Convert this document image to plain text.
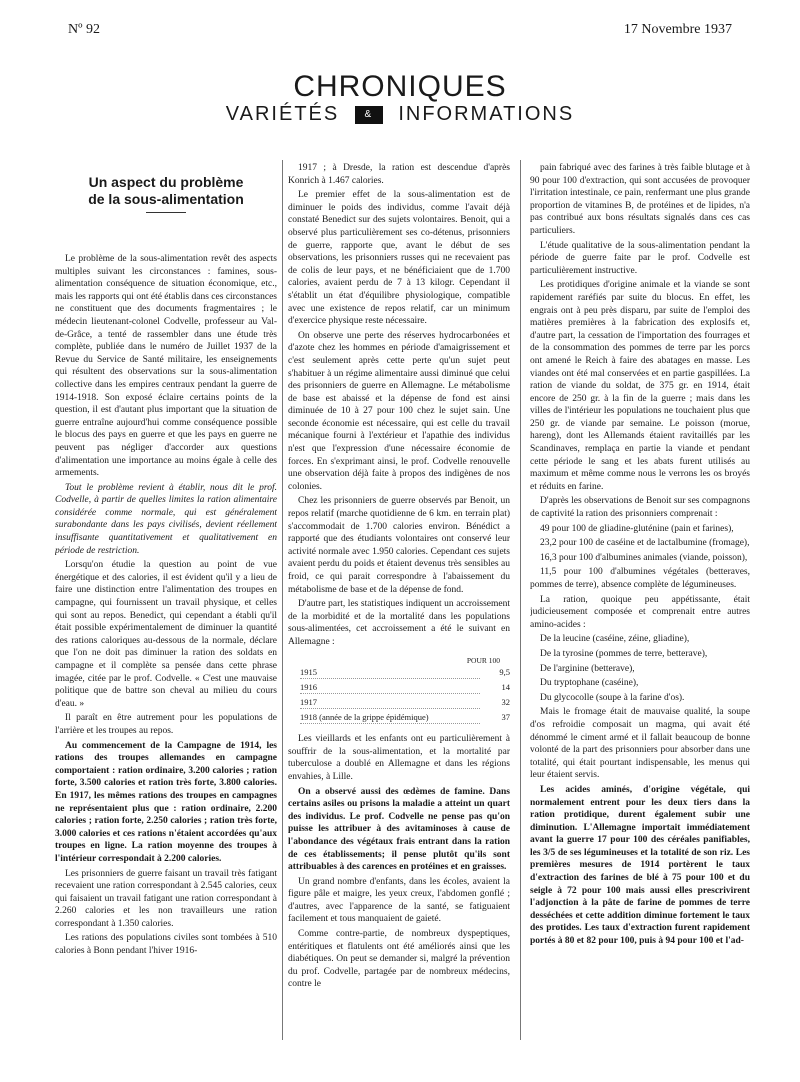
Nº 92	17 Novembre 1937
CHRONIQUES
VARIÉTÉS	& INFORMATIONS
Un aspect du problème
de la sous-alimentation

Le problème de la sous-alimentation revêt des aspects multiples suivant les circonstances : famines, sous-alimentation conséquence de situation économique, etc., mais les rapports qui ont été établis dans ces circonstances ne constituent que des documents fragmentaires ; le médecin lieutenant-colonel Codvelle, professeur au Val-de-Grâce, a tenté de rassembler dans une étude très complète, publiée dans le numéro de Juillet 1937 de la Revue du Service de Santé militaire, les enseignements qui résultent des observations sur la sous-alimentation collective dans les empires centraux pendant la guerre de 1914-1918. Son exposé éclaire certains points de la question, il est d'autant plus important que la situation de guerre entraîne aujourd'hui comme conséquence possible le blocus des pays en guerre et que les pays en guerre ne peuvent pas négliger d'accorder aux questions d'alimentation une importance au moins égale à celle des armements.

Tout le problème revient à établir, nous dit le prof. Codvelle, à partir de quelles limites la ration alimentaire considérée comme normale, qui est généralement surabondante dans les pays civilisés, devient réellement insuffisante quantitativement et qualitativement en période de restriction.

Lorsqu'on étudie la question au point de vue énergétique et des calories, il est évident qu'il y a lieu de faire une distinction entre l'alimentation des troupes en campagne, qui fournissent un travail physique, et celles qui sont au repos. Benedict, qui cependant a établi qu'il était possible expérimentalement de diminuer la quantité des rations caloriques au-dessous de la normale, déclare que l'on ne doit pas diminuer la ration des soldats en campagne et il complète sa pensée dans cette phrase imagée, citée par le prof. Codvelle. « C'est une mauvaise politique que de battre son cheval au milieu du cours d'eau. »

Il paraît en être autrement pour les populations de l'arrière et les troupes au repos.

Au commencement de la Campagne de 1914, les rations des troupes allemandes en campagne comportaient : ration ordinaire, 3.200 calories ; ration forte, 3.500 calories et ration très forte, 3.800 calories. En 1917, les mêmes rations des troupes en campagnes ne représentaient plus que : ration ordinaire, 2.200 calories ; ration forte, 2.250 calories ; ration très forte, 3.000 calories et ces rations n'étaient accordées qu'aux troupes en ligne. La ration moyenne des troupes à l'intérieur correspondait à 2.200 calories.

Les prisonniers de guerre faisant un travail très fatigant recevaient une ration correspondant à 2.545 calories, ceux qui faisaient un travail fatigant une ration correspondant à 2.260 calories et les non travailleurs une ration correspondant à 1.350 calories.

Les rations des populations civiles sont tombées à 510 calories à Bonn pendant l'hiver 1916-

1917 ; à Dresde, la ration est descendue d'après Konrich à 1.467 calories.

Le premier effet de la sous-alimentation est de diminuer le poids des individus, comme l'avait déjà constaté Benedict sur des sujets volontaires. Benoit, qui a observé plus particulièrement ses co-détenus, prisonniers de guerre, rapporte que, avant le début de ses observations, les prisonniers russes qui ne recevaient pas de colis de leur pays, et ne bénéficiaient que de 1.700 calories, avaient perdu de 7 à 13 kilogr. Cependant il s'établit un état d'équilibre physiologique, compatible avec une existence de repos relatif, car un minimum d'exercice physique reste nécessaire.

On observe une perte des réserves hydrocarbonées et d'azote chez les hommes en période d'amaigrissement et c'est seulement après cette perte qu'un sujet peut s'habituer à un régime alimentaire aussi diminué que celui des prisonniers de guerre en Allemagne. Le métabolisme de base est abaissé et la dépense de fond est ainsi diminuée de 10 à 27 pour 100 chez le sujet sain. Une seconde économie est nécessaire, qui est celle du travail mécanique fourni à l'extérieur et l'apathie des individus n'est que l'expression d'une nécessaire économie de forces. En s'exprimant ainsi, le prof. Codvelle renouvelle une observation déjà faite à propos des indigènes de nos colonies.

Chez les prisonniers de guerre observés par Benoit, un repos relatif (marche quotidienne de 6 km. en terrain plat) s'accommodait de 1.700 calories environ. Bénédict a rapporté que des étudiants volontaires ont conservé leur activité normale avec 1.950 calories. Cependant ces sujets avaient perdu du poids et étaient devenus très sensibles au froid, ce qui parait correspondre à l'abaissement du métabolisme de base et de la dépense de fond.

D'autre part, les statistiques indiquent un accroissement de la morbidité et de la mortalité dans les populations sous-alimentées, cet accroissement a été le suivant en Allemagne :

POUR 100
1915	9,5
1916	14
1917	32
1918 (année de la grippe épidémique)	37

Les vieillards et les enfants ont eu particulièrement à souffrir de la sous-alimentation, et la mortalité par tuberculose a doublé en Allemagne et dans les régions envahies, à Lille.

On a observé aussi des œdèmes de famine. Dans certains asiles ou prisons la maladie a atteint un quart des individus. Le prof. Codvelle ne pense pas qu'on puisse les attribuer à des avitaminoses à cause de l'abondance des végétaux frais entrant dans la ration de ces établissements; il pense plutôt qu'ils sont attribuables à des carences en protéines et en graisses.

Un grand nombre d'enfants, dans les écoles, avaient la figure pâle et maigre, les yeux creux, l'abdomen gonflé ; d'autres, avec l'apparence de la santé, se fatiguaient facilement et tous manquaient de gaieté.

Comme contre-partie, de nombreux dyspeptiques, entéritiques et flatulents ont été améliorés ainsi que les diabétiques. On peut se demander si, malgré la prévention du prof. Codvelle, partagée par de nombreux médecins, contre le

pain fabriqué avec des farines à très faible blutage et à 90 pour 100 d'extraction, qui sont accusées de provoquer l'irritation intestinale, ce pain, renfermant une plus grande proportion de vitamines B, de protéines et de lipides, n'a pas contribué aux bons résultats signalés dans ces cas particuliers.

L'étude qualitative de la sous-alimentation pendant la période de guerre faite par le prof. Codvelle est particulièrement instructive.

Les protidiques d'origine animale et la viande se sont rapidement raréfiés par suite du blocus. En effet, les engrais ont à peu près disparu, par suite de l'emploi des matières premières à la fabrication des explosifs et, d'autre part, la cessation de l'importation des fourrages et de la consommation des pommes de terre par les porcs ont amené le Reich à faire des abatages en masse. Les viandes ont été mal conservées et en partie gaspillées. La ration de viande du soldat, de 375 gr. en 1914, était encore de 250 gr. à la fin de la guerre ; mais dans les villes de l'intérieur les populations ne touchaient plus que 250 gr. de viande par semaine. Le poisson (morue, hareng), dont les Allemands étaient ravitaillés par les Scandinaves, remplaça en partie la viande et pendant cette période le sang et les abats furent utilisés au maximum et même comme nous le verrons les os broyés et réduits en farine.

D'après les observations de Benoit sur ses compagnons de captivité la ration des prisonniers comprenait :

49 pour 100 de gliadine-gluténine (pain et farines),

23,2 pour 100 de caséine et de lactalbumine (fromage),

16,3 pour 100 d'albumines animales (viande, poisson),

11,5 pour 100 d'albumines végétales (betteraves, pommes de terre), absence complète de légumineuses.

La ration, quoique peu appétissante, était judicieusement composée et comprenait entre autres amino-acides :

De la leucine (caséine, zéine, gliadine),

De la tyrosine (pommes de terre, betterave),

De l'arginine (betterave),

Du tryptophane (caséine),

Du glycocolle (soupe à la farine d'os).

Mais le fromage était de mauvaise qualité, la soupe d'os refroidie composait un magma, qui avait été dénommé le ciment armé et il fallait beaucoup de bonne volonté de la part des prisonniers pour absorber dans une totalité, qui était pourtant indispensable, les menus qui leur étaient servis.

Les acides aminés, d'origine végétale, qui normalement entrent pour les deux tiers dans la ration protidique, durent également subir une diminution. L'Allemagne importait immédiatement avant la guerre 17 pour 100 des céréales panifiables, les 3/5 de ses légumineuses et la totalité de son riz. Les premières mesures de 1914 portèrent le taux d'extraction des farines de blé à 75 pour 100 et du seigle à 72 pour 100 mais aussi elles prescrivirent l'adjonction à la pâte de farine de pommes de terre desséchées et cette addition diminue fortement le taux des protides. Les taux d'extraction furent rapidement portés à 80 et 82 pour 100, puis à 94 pour 100 et l'ad-
